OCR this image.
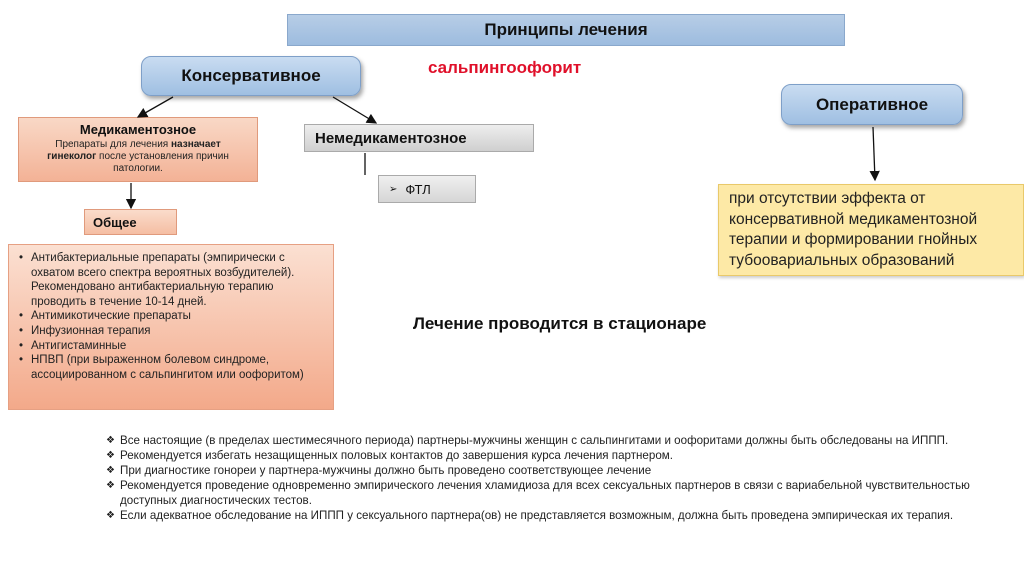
Принципы лечения
сальпингоофорит
Консервативное
Оперативное
Медикаментозное
Препараты для лечения назначает
гинеколог после установления причин патологии.
Немедикаментозное
➢ ФТЛ
Общее
• Антибактериальные препараты (эмпирически с охватом всего спектра вероятных возбудителей). Рекомендовано антибактериальную терапию проводить в течение 10-14 дней.
• Антимикотические препараты
• Инфузионная терапия
• Антигистаминные
• НПВП (при выраженном болевом синдроме, ассоциированном с сальпингитом или оофоритом)
при отсутствии эффекта от консервативной медикаментозной терапии и формировании гнойных тубоовариальных образований
Лечение проводится в стационаре
❖ Все настоящие (в пределах шестимесячного периода) партнеры-мужчины женщин с сальпингитами и оофоритами должны быть обследованы на ИППП.
❖ Рекомендуется избегать незащищенных половых контактов до завершения курса лечения партнером.
❖ При диагностике гонореи у партнера-мужчины должно быть проведено соответствующее лечение
❖ Рекомендуется проведение одновременно эмпирического лечения хламидиоза для всех сексуальных партнеров в связи с вариабельной чувствительностью доступных диагностических тестов.
❖ Если адекватное обследование на ИППП у сексуального партнера(ов) не представляется возможным, должна быть проведена эмпирическая их терапия.
